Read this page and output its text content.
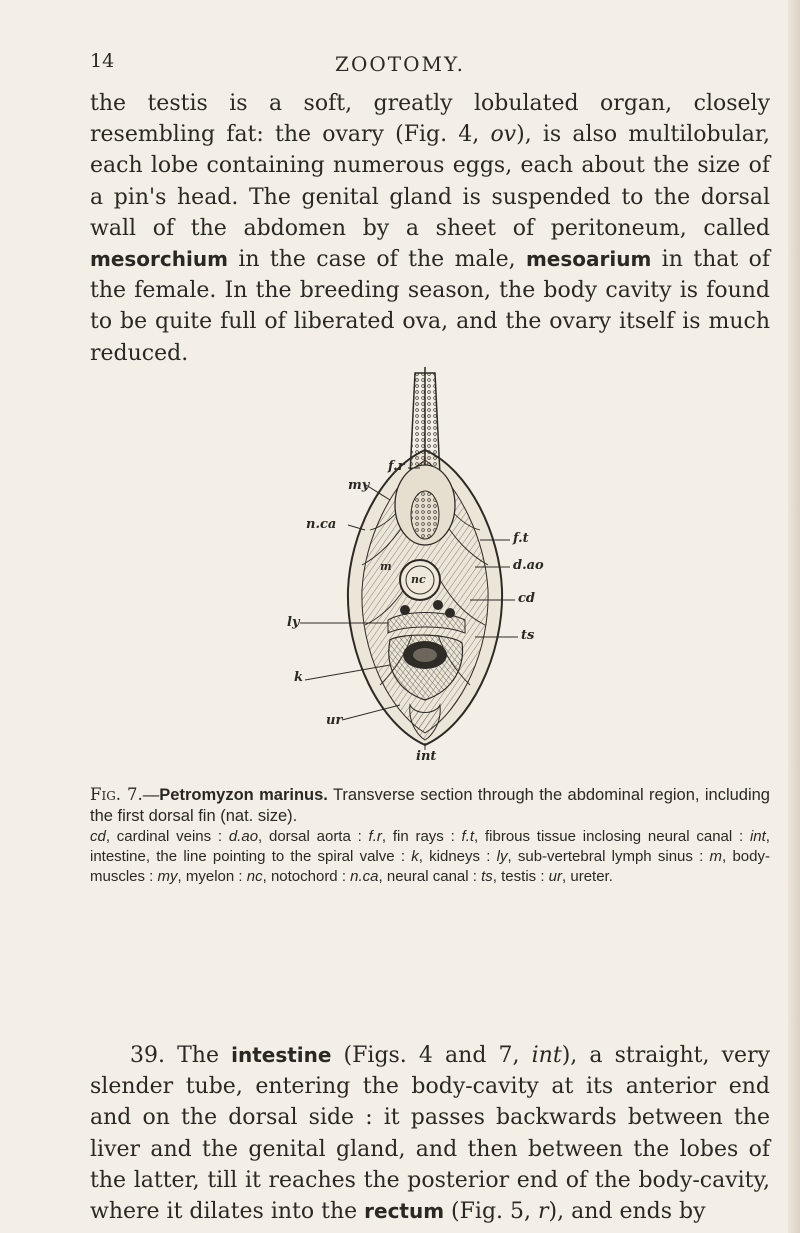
14	ZOOTOMY.

the testis is a soft, greatly lobulated organ, closely resembling fat: the ovary (Fig. 4, ov), is also multilobular, each lobe containing numerous eggs, each about the size of a pin's head. The genital gland is suspended to the dorsal wall of the abdomen by a sheet of peritoneum, called mesorchium in the case of the male, mesoarium in that of the female. In the breeding season, the body cavity is found to be quite full of liberated ova, and the ovary itself is much reduced.

f.r
my
n.ca
m
nc
ly
k
ur
f.t
d.ao
cd
ts
int

Fig. 7.—Petromyzon marinus. Transverse section through the abdominal region, including the first dorsal fin (nat. size).
cd, cardinal veins : d.ao, dorsal aorta : f.r, fin rays : f.t, fibrous tissue inclosing neural canal : int, intestine, the line pointing to the spiral valve : k, kidneys : ly, sub-vertebral lymph sinus : m, body-muscles : my, myelon : nc, notochord : n.ca, neural canal : ts, testis : ur, ureter.

39. The intestine (Figs. 4 and 7, int), a straight, very slender tube, entering the body-cavity at its anterior end and on the dorsal side : it passes backwards between the liver and the genital gland, and then between the lobes of the latter, till it reaches the posterior end of the body-cavity, where it dilates into the rectum (Fig. 5, r), and ends by
